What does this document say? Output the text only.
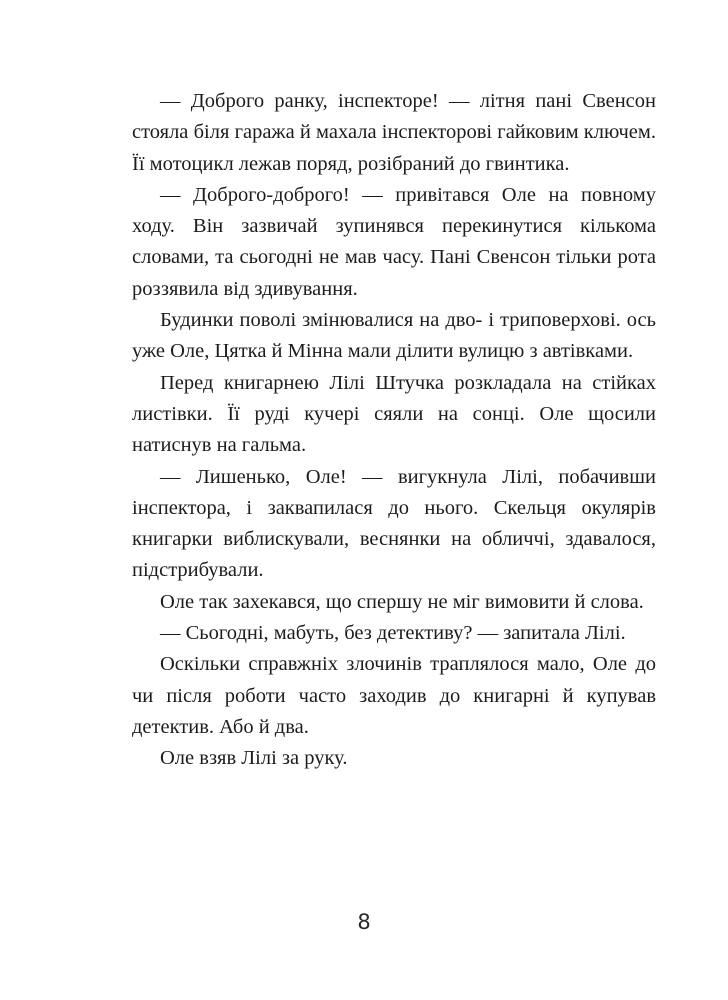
— Доброго ранку, інспекторе! — літня пані Свенсон стояла біля гаража й махала інспекторові гайковим ключем. Її мотоцикл лежав поряд, розібраний до гвинтика.

— Доброго-доброго! — привітався Оле на повному ходу. Він зазвичай зупинявся перекинутися кількома словами, та сьогодні не мав часу. Пані Свенсон тільки рота роззявила від здивування.

Будинки поволі змінювалися на дво- і триповерхові. ось уже Оле, Цятка й Мінна мали ділити вулицю з автівками.

Перед книгарнею Лілі Штучка розкладала на стійках листівки. Її руді кучері сяяли на сонці. Оле щосили натиснув на гальма.

— Лишенько, Оле! — вигукнула Лілі, побачивши інспектора, і заквапилася до нього. Скельця окулярів книгарки виблискували, веснянки на обличчі, здавалося, підстрибували.

Оле так захекався, що спершу не міг вимовити й слова.

— Сьогодні, мабуть, без детективу? — запитала Лілі.

Оскільки справжніх злочинів траплялося мало, Оле до чи після роботи часто заходив до книгарні й купував детектив. Або й два.

Оле взяв Лілі за руку.

8
